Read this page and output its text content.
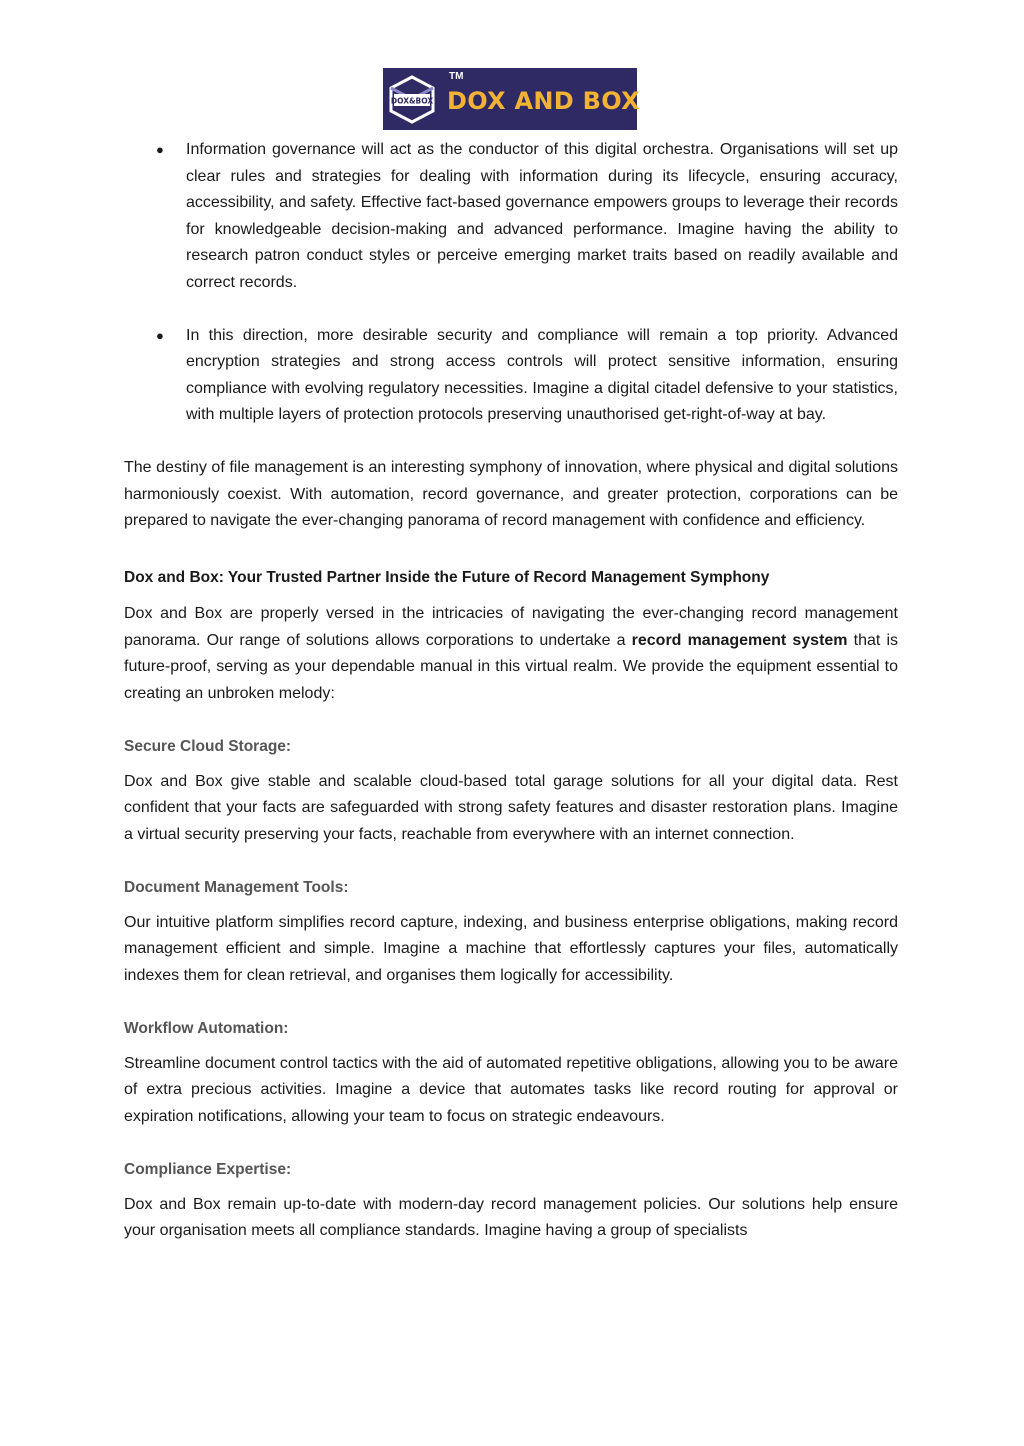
DOX&BOX
TM
DOX AND BOX
● Information governance will act as the conductor of this digital orchestra. Organisations will set up clear rules and strategies for dealing with information during its lifecycle, ensuring accuracy, accessibility, and safety. Effective fact-based governance empowers groups to leverage their records for knowledgeable decision-making and advanced performance. Imagine having the ability to research patron conduct styles or perceive emerging market traits based on readily available and correct records.
● In this direction, more desirable security and compliance will remain a top priority. Advanced encryption strategies and strong access controls will protect sensitive information, ensuring compliance with evolving regulatory necessities. Imagine a digital citadel defensive to your statistics, with multiple layers of protection protocols preserving unauthorised get-right-of-way at bay.

The destiny of file management is an interesting symphony of innovation, where physical and digital solutions harmoniously coexist. With automation, record governance, and greater protection, corporations can be prepared to navigate the ever-changing panorama of record management with confidence and efficiency.

Dox and Box: Your Trusted Partner Inside the Future of Record Management Symphony

Dox and Box are properly versed in the intricacies of navigating the ever-changing record management panorama. Our range of solutions allows corporations to undertake a record management system that is future-proof, serving as your dependable manual in this virtual realm. We provide the equipment essential to creating an unbroken melody:

Secure Cloud Storage:

Dox and Box give stable and scalable cloud-based total garage solutions for all your digital data. Rest confident that your facts are safeguarded with strong safety features and disaster restoration plans. Imagine a virtual security preserving your facts, reachable from everywhere with an internet connection.

Document Management Tools:

Our intuitive platform simplifies record capture, indexing, and business enterprise obligations, making record management efficient and simple. Imagine a machine that effortlessly captures your files, automatically indexes them for clean retrieval, and organises them logically for accessibility.

Workflow Automation:

Streamline document control tactics with the aid of automated repetitive obligations, allowing you to be aware of extra precious activities. Imagine a device that automates tasks like record routing for approval or expiration notifications, allowing your team to focus on strategic endeavours.

Compliance Expertise:

Dox and Box remain up-to-date with modern-day record management policies. Our solutions help ensure your organisation meets all compliance standards. Imagine having a group of specialists
